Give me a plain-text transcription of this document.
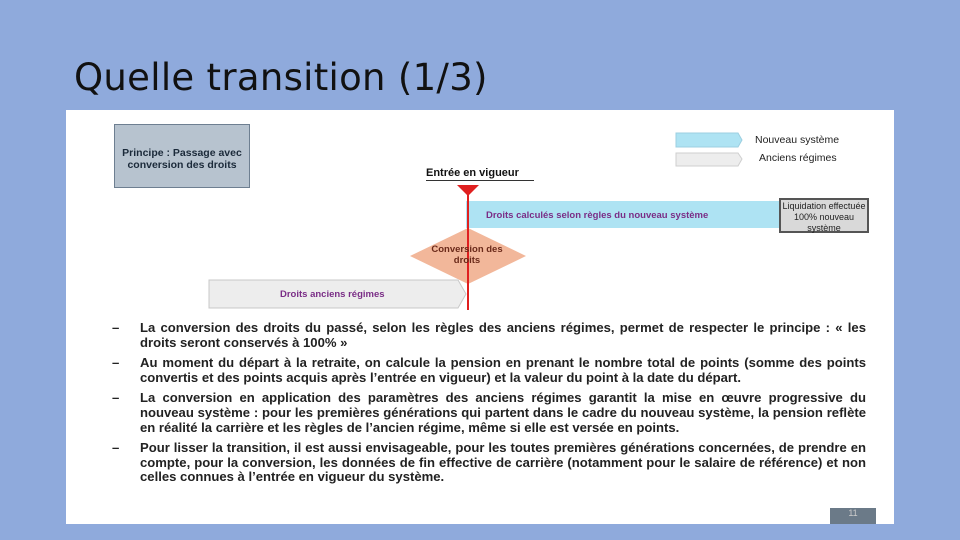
Quelle transition (1/3)
Principe : Passage avec conversion des droits
Nouveau système
Anciens régimes
Entrée en vigueur
Droits calculés selon règles du nouveau système
Liquidation effectuée 100% nouveau système
Conversion des droits
Droits anciens régimes
– La conversion des droits du passé, selon les règles des anciens régimes, permet de respecter le principe : « les droits seront conservés à 100% »
– Au moment du départ à la retraite, on calcule la pension en prenant le nombre total de points (somme des points convertis et des points acquis après l’entrée en vigueur) et la valeur du point à la date du départ.
– La conversion en application des paramètres des anciens régimes garantit la mise en œuvre progressive du nouveau système : pour les premières générations qui partent dans le cadre du nouveau système, la pension reflète en réalité la carrière et les règles de l’ancien régime, même si elle est versée en points.
– Pour lisser la transition, il est aussi envisageable, pour les toutes premières générations concernées, de prendre en compte, pour la conversion, les données de fin effective de carrière (notamment pour le salaire de référence) et non celles connues à l’entrée en vigueur du système.
11
